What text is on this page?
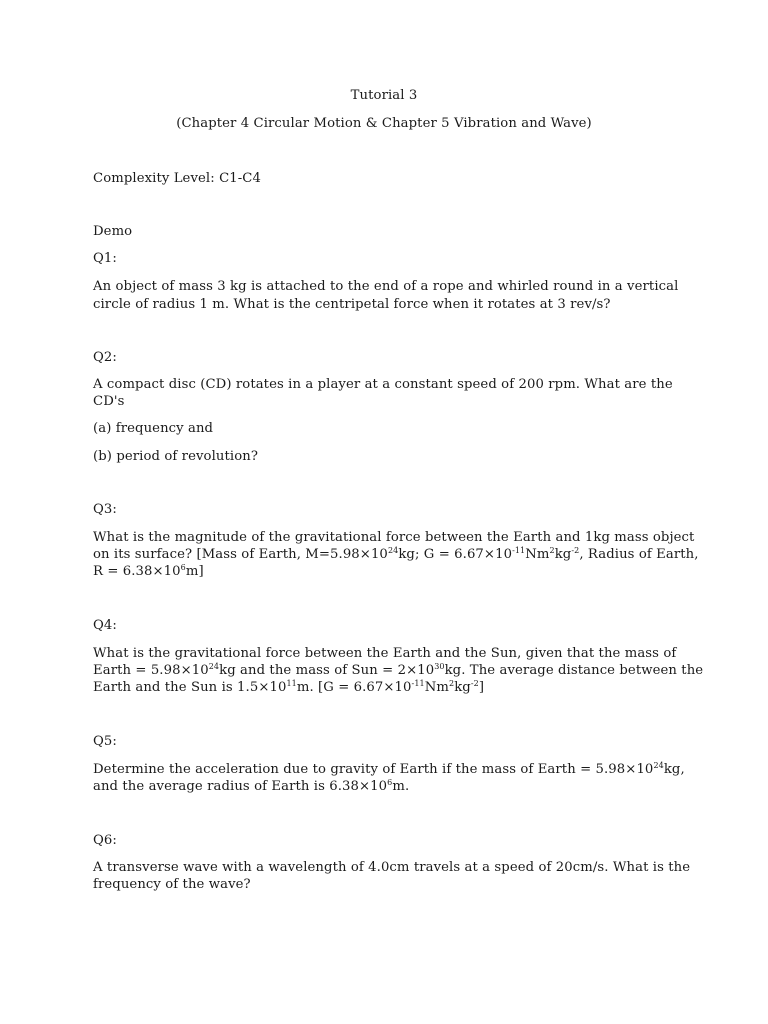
Tutorial 3
(Chapter 4 Circular Motion & Chapter 5 Vibration and Wave)
Complexity Level: C1-C4
Demo
Q1:
An object of mass 3 kg is attached to the end of a rope and whirled round in a vertical
circle of radius 1 m. What is the centripetal force when it rotates at 3 rev/s?
Q2:
A compact disc (CD) rotates in a player at a constant speed of 200 rpm. What are the
CD's
(a) frequency and
(b) period of revolution?
Q3:
What is the magnitude of the gravitational force between the Earth and 1kg mass object
on its surface? [Mass of Earth, $M=5.98\times 10^{24}kg$; $G = 6.67\times 10^{-11}Nm^2kg^{-2}$, Radius of Earth,
$R = 6.38\times 10^6m$]
Q4:
What is the gravitational force between the Earth and the Sun, given that the mass of
Earth = $5.98\times 10^{24}kg$ and the mass of Sun = $2\times 10^{30}kg$. The average distance between the
Earth and the Sun is $1.5\times 10^{11}m$. $[G = 6.67\times 10^{-11}Nm^2kg^{-2}]$
Q5:
Determine the acceleration due to gravity of Earth if the mass of Earth = $5.98\times 10^{24}kg$,
and the average radius of Earth is $6.38\times 10^6m$.
Q6:
A transverse wave with a wavelength of 4.0cm travels at a speed of 20cm/s. What is the
frequency of the wave?
